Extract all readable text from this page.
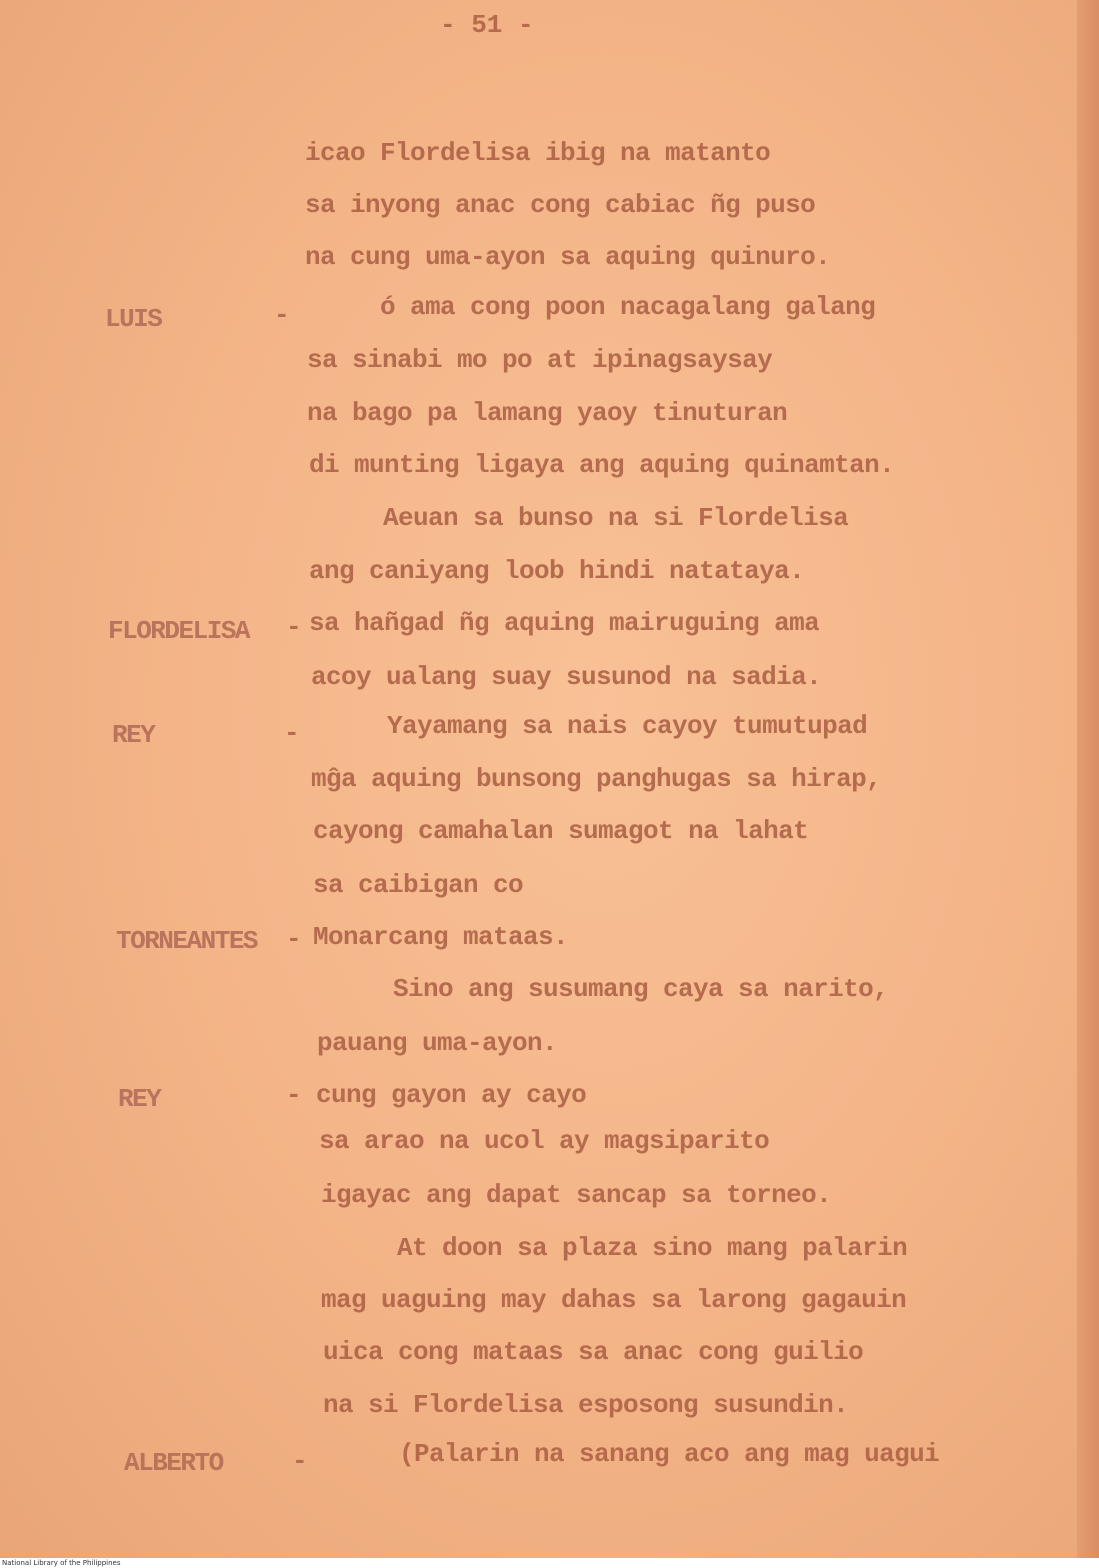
- 51 -
icao Flordelisa ibig na matanto
sa inyong anac cong cabiac ñg puso
na cung uma-ayon sa aquing quinuro.
LUIS	-	ó ama cong poon nacagalang galang
sa sinabi mo po at ipinagsaysay
na bago pa lamang yaoy tinuturan
di munting ligaya ang aquing quinamtan.
Aeuan sa bunso na si Flordelisa
ang caniyang loob hindi natataya.
FLORDELISA - sa hañgad ñg aquing mairuguing ama
acoy ualang suay susunod na sadia.
REY	-	Yayamang sa nais cayoy tumutupad
mĝa aquing bunsong panghugas sa hirap,
cayong camahalan sumagot na lahat
sa caibigan co
TORNEANTES - Monarcang mataas.
Sino ang susumang caya sa narito,
pauang uma-ayon.
REY	- cung gayon ay cayo
sa arao na ucol ay magsiparito
igayac ang dapat sancap sa torneo.
At doon sa plaza sino mang palarin
mag uaguing may dahas sa larong gagauin
uica cong mataas sa anac cong guilio
na si Flordelisa esposong susundin.
ALBERTO	-	(Palarin na sanang aco ang mag uagui
National Library of the Philippines
